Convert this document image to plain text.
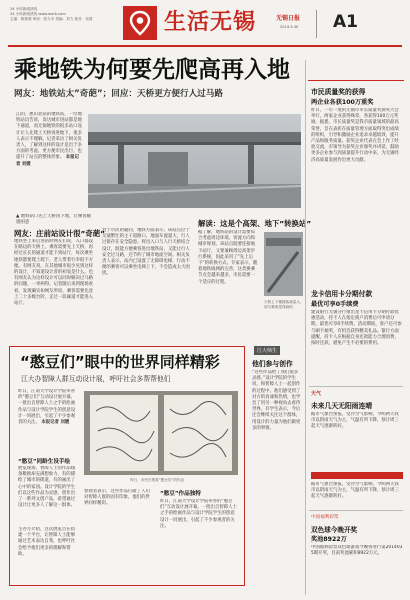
24 小时新闻热线
24 小时新闻热线 www.wxrb.com
主编：陈莉莉 审读：张少平 美编：刘力 校对：吴倩	生活无锡	无锡日报
2014.3.30 A1
乘地铁为何要先爬高再入地
网友：地铁站太”奇葩”；回应：天桥更方便行人过马路
江阴、惠山北站的地铁站，一位地铁站员告诉，发达城市进站都是地下通道，而无锡地铁的很多站口设计让人先爬上天桥再进地下，很多人表示不理解。记者采访了相关负责人，了解到这样的设计是出于多方面的考虑，更方便市民出行，也提升了站点的整体形象。 本报记者 刘媛
▲ 地铁站口先上天桥再下地，让乘客颇感困惑
网友：庄前站设计很”奇葩”
地铁坐上来后进站时网友们说，入口都设在路边的天桥上，乘客需要先上天桥，再经过长长的通道才能下到站厅，每次乘坐地铁都要爬上爬下，老人带着行李很不方便。有网友说，在其他城市很少见到这样的设计，不知道设计者的初衷是什么。也有网友认为这样设计可以同时解决过马路的问题，一举两得。记者随后来到现场查看，发现确实如网友所说，乘客需要先登上二十多级台阶，走过一段廊道才能进入站厅。
对于市民的疑问，地铁方面表示，该站点位于交通繁忙的主干道路口，地面车流量大，行人过街存在安全隐患。将出入口与人行天桥结合设计，既能方便乘客进出地铁站，又能让行人安全过马路，还节约了城市地面空间。相关负责人表示，站内已设置了无障碍电梯，行动不便的乘客可以乘坐电梯上下，不会造成太大困扰。
解读：这是个高架、地下”转换站”
据了解，地铁站的设计需要综合考虑周边环境、客流方向和城市规划。该站点既要连接地下站厅，又要兼顾周边高架步行系统，因此采用了”先上后下”的转换方式。专家表示，随着地铁线网的完善，这类换乘节点会越来越多，市民需要一个适应的过程。
天桥上下楼梯客流量大，部分乘客觉得麻烦
“憨豆们”眼中的世界同样精彩
江大办智障人群互动设计展，呼吁社会多帮帮他们
昨日，江南大学设计学院举办的“憨豆们”互动设计展开幕，一批出自智障人士之手的绘画作品与设计学院学生的创意设计一同展出，引起了不少参观者的关注。 本报记者 刘媛
昨日，市民在观看“憨豆们”的作品
“憨豆”同龄生设手绘
展览现场，智障人士的作品线条稚拙却充满想象力，有的描绘了城市的街道，有的画出了心中的家园。设计学院的学生们以这些作品为灵感，创作出了一系列文创产品，希望通过设计让更多人了解这一群体。
主办方介绍，这次展览旨在搭建一个平台，让智障人士能够通过艺术表达自我，也呼吁社会给予他们更多的理解和帮助。
参观者表示，这些作品打破了人们对智障人群的固有印象，他们的世界同样精彩。
“憨豆”作品独特
昨日，江南大学设计学院举办的“憨豆们”互动设计展开幕，一批出自智障人士之手的绘画作品与设计学院学生的创意设计一同展出，引起了不少参观者的关注。
江大师生
他们参与创作
“这些作品给了我们很多灵感。”设计学院的学生说，和智障人士一起创作的过程中，他们感受到了对方的真诚和热情，也学会了用另一种视角去看待世界。有学生表示，今后还会继续关注这个群体，用设计的力量为他们做更多的事情。
市民质量奖的获得
两企业各获100万重奖
昨日，一年一度的无锡市市长质量奖颁奖大会举行，两家企业获得殊荣，各获得100万元奖励。据悉，市长质量奖是我市质量领域的最高荣誉，旨在表彰在质量管理方面取得突出成绩的组织，引导和激励企业追求卓越绩效，提升产品和服务质量。获奖企业代表在会上作了经验交流，市领导为获奖企业颁奖并讲话，鼓励更多企业参与到质量提升行动中来，为无锡经济高质量发展作出更大贡献。
龙卡信用卡分期付款
最优可享0手续费
建设银行无锡分行推出龙卡信用卡分期付款优惠活动，持卡人在指定商户消费后可申请分期，最优可享0手续费。活动期间，客户还可参与刷卡抽奖，有机会获得精美礼品。银行方面提醒，持卡人应根据自身还款能力合理消费，按时还款，避免产生不必要的费用。
天气
未来几天无阳雨连晴
据市气象台预报，受冷空气影响，今明两天我市以阴雨天气为主，气温有所下降，预计周三起天气逐渐转好。
据市气象台预报，受冷空气影响，今明两天我市以阴雨天气为主，气温有所下降，预计周三起天气逐渐转好。
中国福利彩票
双色球今晚开奖
奖池8922万
中国福利彩票双色球游戏今晚将进行第2014035期开奖，目前奖池累积8922万元。
